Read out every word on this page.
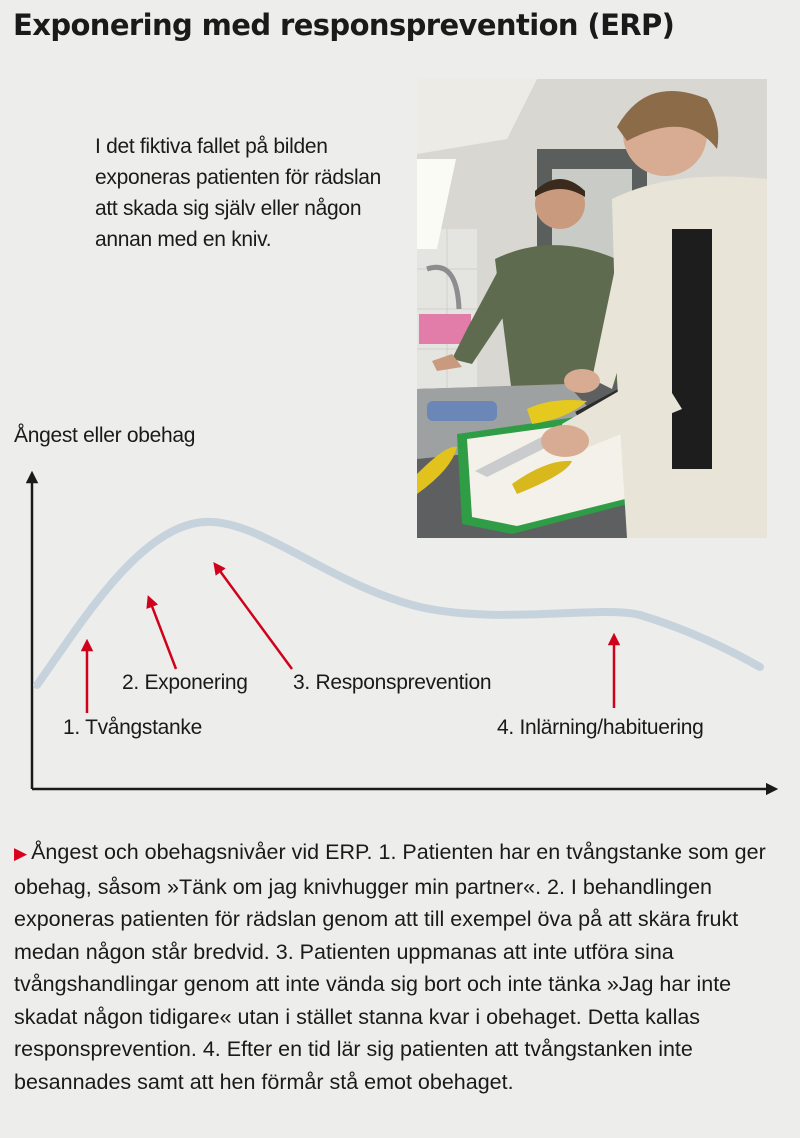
Exponering med responsprevention (ERP)
I det fiktiva fallet på bilden exponeras patienten för rädslan att skada sig själv eller någon annan med en kniv.
Ångest eller obehag
1. Tvångstanke
2. Exponering 3. Responsprevention
4. Inlärning/habituering
▶ Ångest och obehagsnivåer vid ERP. 1. Patienten har en tvångstanke som ger obehag, såsom »Tänk om jag knivhugger min partner«. 2. I behandlingen exponeras patienten för rädslan genom att till exempel öva på att skära frukt medan någon står bredvid. 3. Patienten uppmanas att inte utföra sina tvångshandlingar genom att inte vända sig bort och inte tänka »Jag har inte skadat någon tidigare« utan i stället stanna kvar i obehaget. Detta kallas responsprevention. 4. Efter en tid lär sig patienten att tvångstanken inte besannades samt att hen förmår stå emot obehaget.
